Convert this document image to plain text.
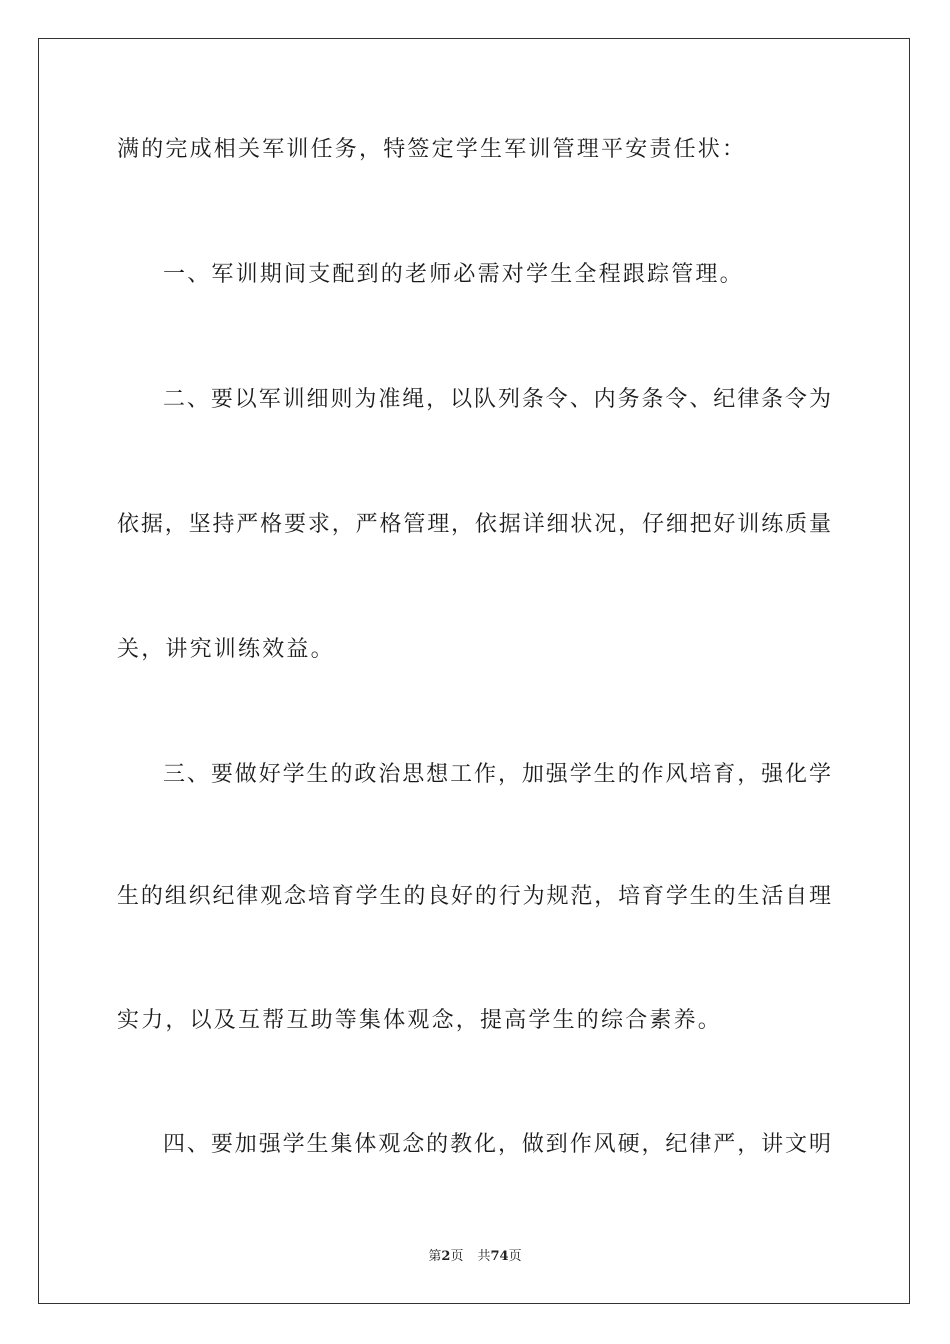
满的完成相关军训任务，特签定学生军训管理平安责任状：
一、军训期间支配到的老师必需对学生全程跟踪管理。
二、要以军训细则为准绳，以队列条令、内务条令、纪律条令为
依据，坚持严格要求，严格管理，依据详细状况，仔细把好训练质量
关，讲究训练效益。
三、要做好学生的政治思想工作，加强学生的作风培育，强化学
生的组织纪律观念培育学生的良好的行为规范，培育学生的生活自理
实力，以及互帮互助等集体观念，提高学生的综合素养。
四、要加强学生集体观念的教化，做到作风硬，纪律严，讲文明
第2页 共74页
